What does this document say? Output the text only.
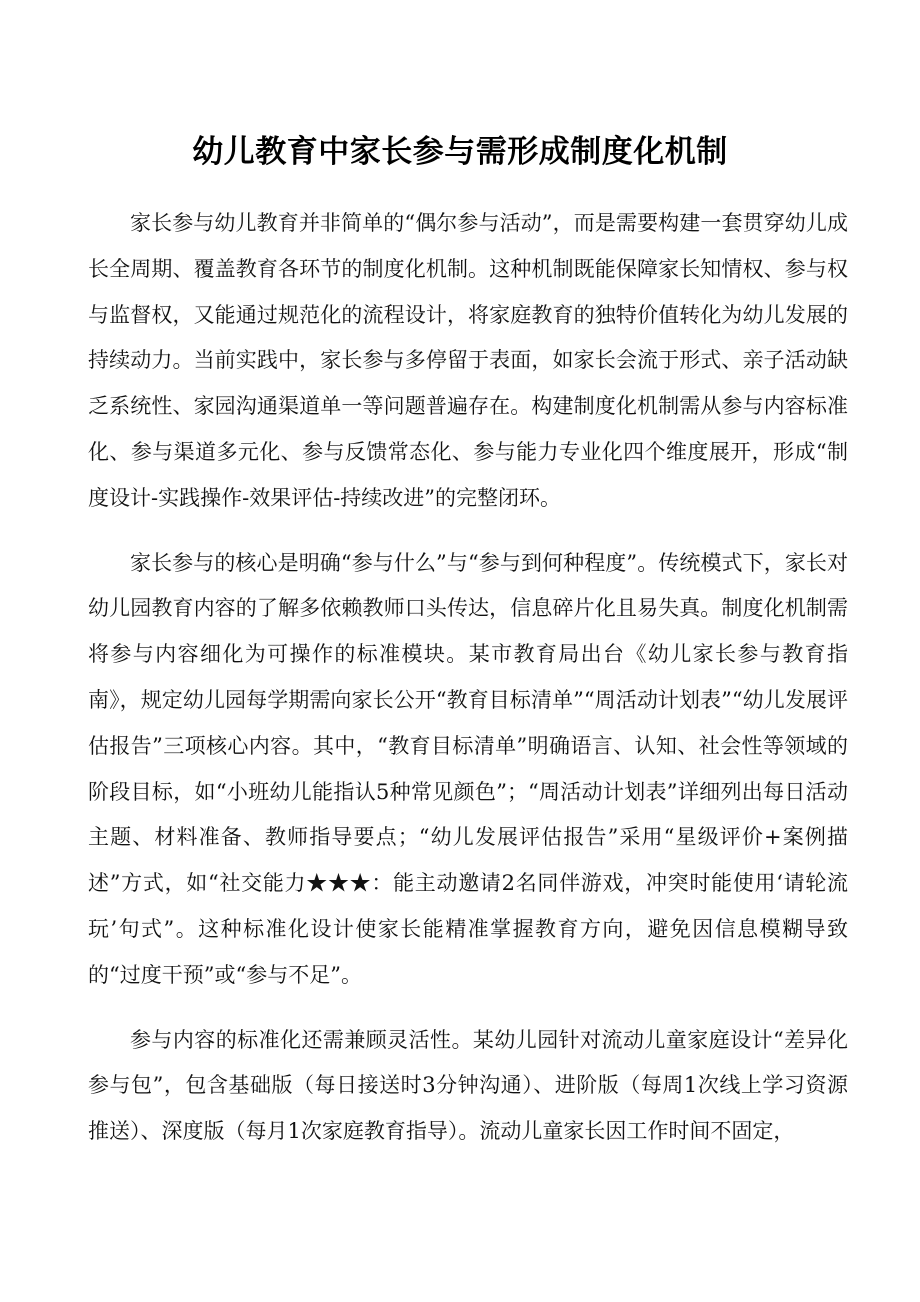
幼儿教育中家长参与需形成制度化机制

家长参与幼儿教育并非简单的“偶尔参与活动”，而是需要构建一套贯穿幼儿成长全周期、覆盖教育各环节的制度化机制。这种机制既能保障家长知情权、参与权与监督权，又能通过规范化的流程设计，将家庭教育的独特价值转化为幼儿发展的持续动力。当前实践中，家长参与多停留于表面，如家长会流于形式、亲子活动缺乏系统性、家园沟通渠道单一等问题普遍存在。构建制度化机制需从参与内容标准化、参与渠道多元化、参与反馈常态化、参与能力专业化四个维度展开，形成“制度设计-实践操作-效果评估-持续改进”的完整闭环。

家长参与的核心是明确“参与什么”与“参与到何种程度”。传统模式下，家长对幼儿园教育内容的了解多依赖教师口头传达，信息碎片化且易失真。制度化机制需将参与内容细化为可操作的标准模块。某市教育局出台《幼儿家长参与教育指南》，规定幼儿园每学期需向家长公开“教育目标清单”“周活动计划表”“幼儿发展评估报告”三项核心内容。其中，“教育目标清单”明确语言、认知、社会性等领域的阶段目标，如“小班幼儿能指认5种常见颜色”；“周活动计划表”详细列出每日活动主题、材料准备、教师指导要点；“幼儿发展评估报告”采用“星级评价+案例描述”方式，如“社交能力★★★：能主动邀请2名同伴游戏，冲突时能使用‘请轮流玩’句式”。这种标准化设计使家长能精准掌握教育方向，避免因信息模糊导致的“过度干预”或“参与不足”。

参与内容的标准化还需兼顾灵活性。某幼儿园针对流动儿童家庭设计“差异化参与包”，包含基础版（每日接送时3分钟沟通）、进阶版（每周1次线上学习资源推送）、深度版（每月1次家庭教育指导）。流动儿童家长因工作时间不固定，
